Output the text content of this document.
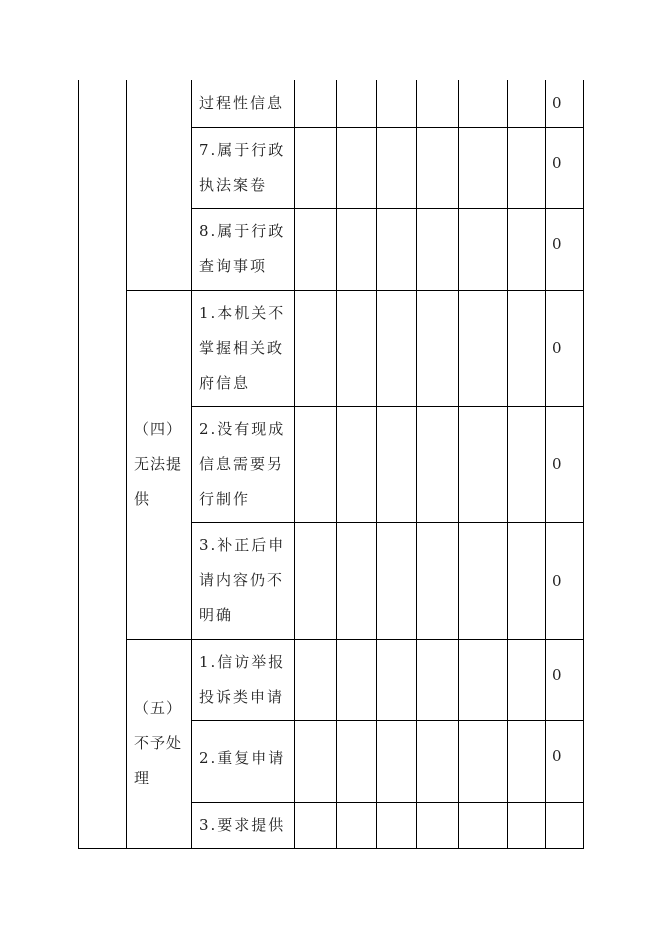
		过程性信息							0
		7.属于行政执法案卷							0
		8.属于行政查询事项							0
	（四）无法提供	1.本机关不掌握相关政府信息							0
		2.没有现成信息需要另行制作							0
		3.补正后申请内容仍不明确							0
	（五）不予处理	1.信访举报投诉类申请							0
		2.重复申请							0
		3.要求提供							
